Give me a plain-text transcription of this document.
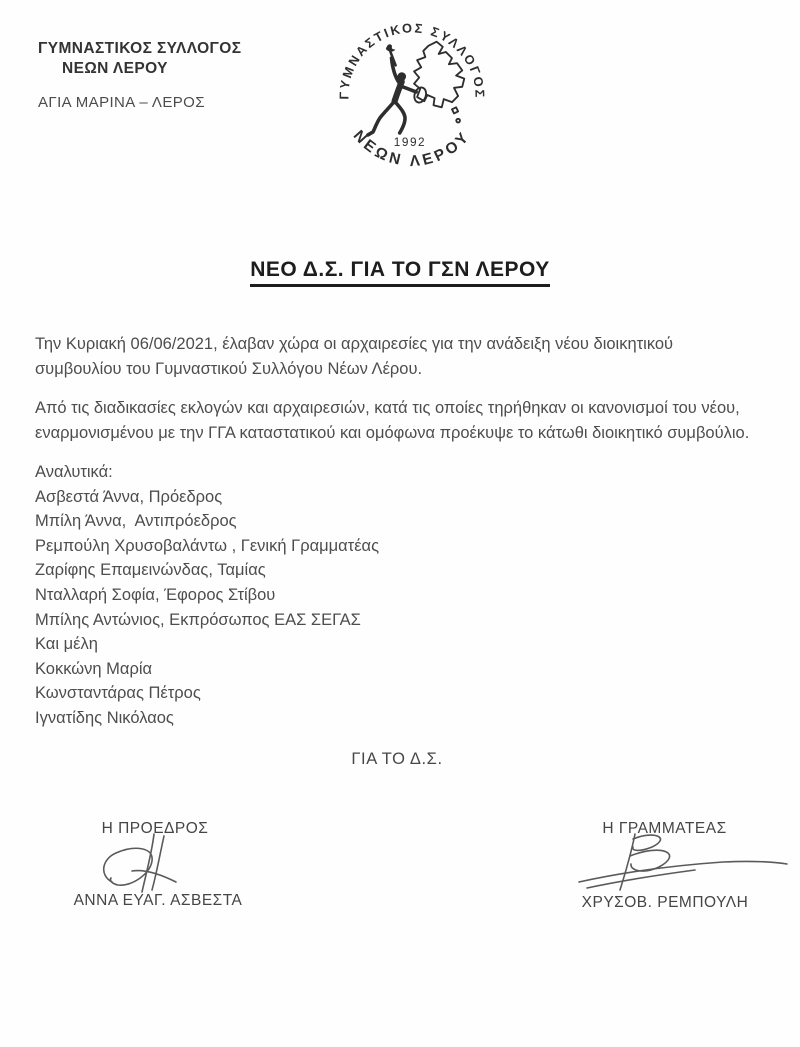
ΓΥΜΝΑΣΤΙΚΟΣ ΣΥΛΛΟΓΟΣ
ΝΕΩΝ ΛΕΡΟΥ
ΑΓΙΑ ΜΑΡΙΝΑ – ΛΕΡΟΣ	ΓΥΜΝΑΣΤΙΚΟΣ ΣΥΛΛΟΓΟΣ
ΝΕΩΝ ΛΕΡΟΥ
1992
ΝΕΟ Δ.Σ. ΓΙΑ ΤΟ ΓΣΝ ΛΕΡΟΥ

Την Κυριακή 06/06/2021, έλαβαν χώρα οι αρχαιρεσίες για την ανάδειξη νέου διοικητικού συμβουλίου του Γυμναστικού Συλλόγου Νέων Λέρου.

Από τις διαδικασίες εκλογών και αρχαιρεσιών, κατά τις οποίες τηρήθηκαν οι κανονισμοί του νέου, εναρμονισμένου με την ΓΓΑ καταστατικού και ομόφωνα προέκυψε το κάτωθι διοικητικό συμβούλιο.

Αναλυτικά:
Ασβεστά Άννα, Πρόεδρος
Μπίλη Άννα,  Αντιπρόεδρος
Ρεμπούλη Χρυσοβαλάντω , Γενική Γραμματέας
Ζαρίφης Επαμεινώνδας, Ταμίας
Νταλλαρή Σοφία, Έφορος Στίβου
Μπίλης Αντώνιος, Εκπρόσωπος ΕΑΣ ΣΕΓΑΣ
Και μέλη
Κοκκώνη Μαρία
Κωνσταντάρας Πέτρος
Ιγνατίδης Νικόλαος
ΓΙΑ ΤΟ Δ.Σ.
Η ΠΡΟΕΔΡΟΣ
ΑΝΝΑ ΕΥΑΓ. ΑΣΒΕΣΤΑ
Η ΓΡΑΜΜΑΤΕΑΣ
ΧΡΥΣΟΒ. ΡΕΜΠΟΥΛΗ
